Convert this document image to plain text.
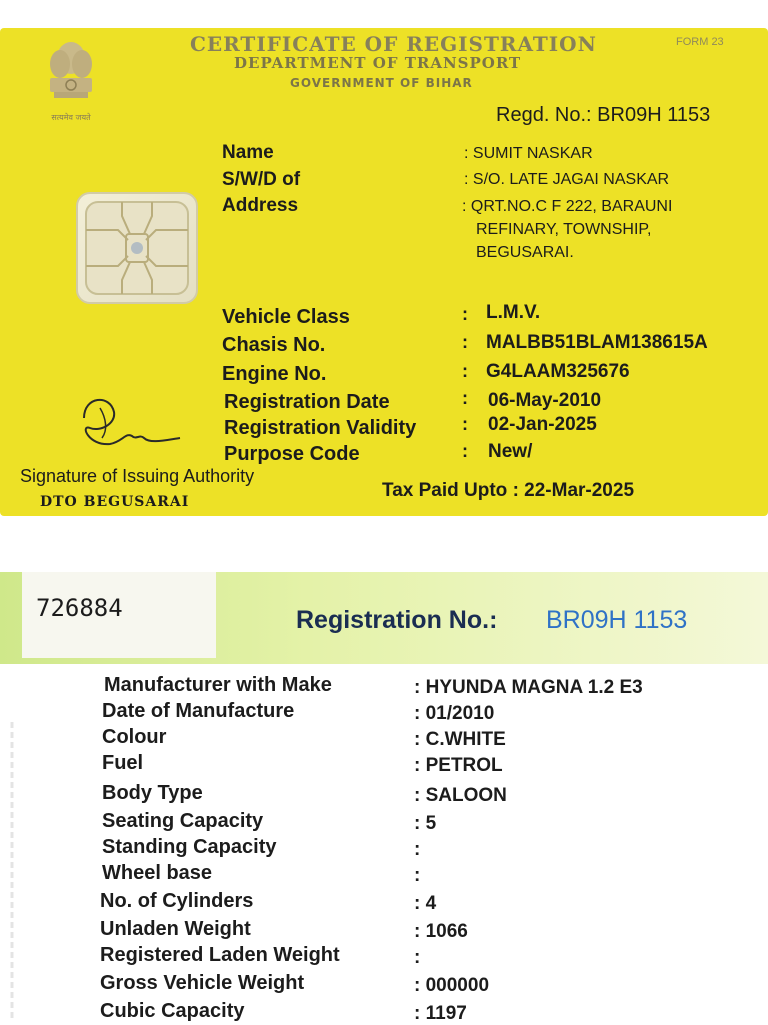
सत्यमेव जयते
CERTIFICATE OF REGISTRATION
DEPARTMENT OF TRANSPORT
GOVERNMENT OF BIHAR
FORM 23
Regd. No.: BR09H 1153
Name	: SUMIT NASKAR
S/W/D of	: S/O. LATE JAGAI NASKAR
Address	: QRT.NO.C F 222, BARAUNI
REFINARY, TOWNSHIP,
BEGUSARAI.
Vehicle Class	: L.M.V.
Chasis No.	: MALBB51BLAM138615A
Engine No.	: G4LAAM325676
Registration Date	: 06-May-2010
Registration Validity	: 02-Jan-2025
Purpose Code	: New/
Signature of Issuing Authority
DTO BEGUSARAI
Tax Paid Upto : 22-Mar-2025
726884	Registration No.: BR09H 1153
Manufacturer with Make	: HYUNDA MAGNA 1.2 E3
Date of Manufacture	: 01/2010
Colour	: C.WHITE
Fuel	: PETROL
Body Type	: SALOON
Seating Capacity	: 5
Standing Capacity	:
Wheel base	:
No. of Cylinders	: 4
Unladen Weight	: 1066
Registered Laden Weight	:
Gross Vehicle Weight	: 000000
Cubic Capacity	: 1197
